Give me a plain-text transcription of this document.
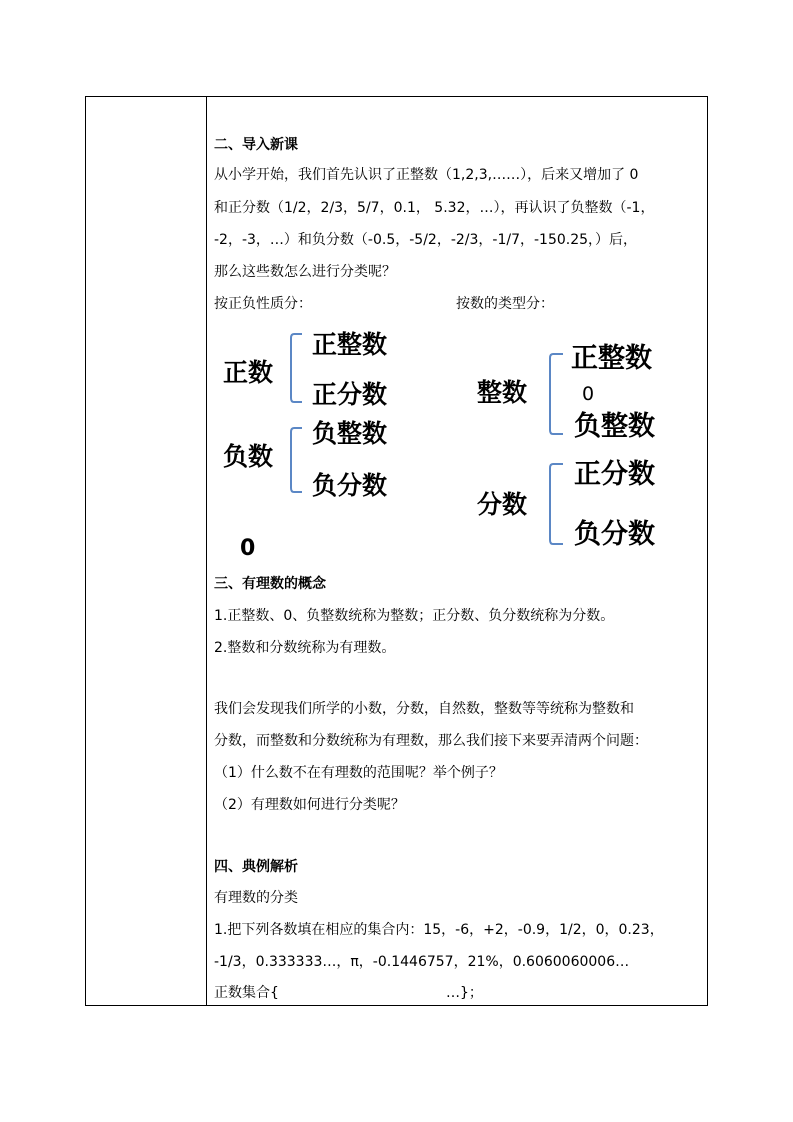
二、导入新课
从小学开始，我们首先认识了正整数（1,2,3,……），后来又增加了 0
和正分数（1/2，2/3，5/7，0.1， 5.32，…），再认识了负整数（-1，
-2，-3，…）和负分数（-0.5，-5/2，-2/3，-1/7，-150.25，）后，
那么这些数怎么进行分类呢？
按正负性质分：	按数的类型分：
正数
正整数
正分数
负数
负整数
负分数
0
整数
正整数
0
负整数
分数
正分数
负分数
三、有理数的概念
1.正整数、0、负整数统称为整数；正分数、负分数统称为分数。
2.整数和分数统称为有理数。
我们会发现我们所学的小数，分数，自然数，整数等等统称为整数和
分数，而整数和分数统称为有理数，那么我们接下来要弄清两个问题：
（1）什么数不在有理数的范围呢？举个例子？
（2）有理数如何进行分类呢？
四、典例解析
有理数的分类
1.把下列各数填在相应的集合内：15，-6，+2，-0.9，1/2，0，0.23，
-1/3，0.333333…，π，-0.1446757，21%，0.6060060006…
正数集合{	…}；
